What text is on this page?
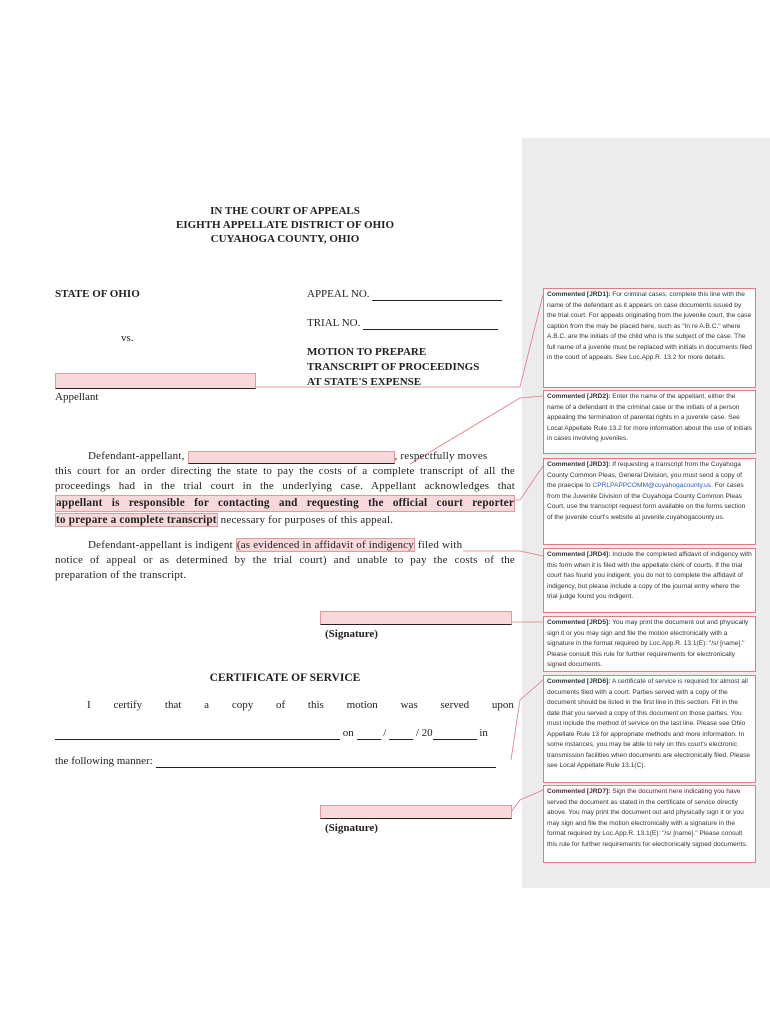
IN THE COURT OF APPEALS
EIGHTH APPELLATE DISTRICT OF OHIO
CUYAHOGA COUNTY, OHIO
STATE OF OHIO
vs.
APPEAL NO.
TRIAL NO.
MOTION TO PREPARE
TRANSCRIPT OF PROCEEDINGS
AT STATE'S EXPENSE
Appellant
Defendant-appellant,	, respectfully moves
this court for an order directing the state to pay the costs of a complete transcript of all the
proceedings had in the trial court in the underlying case. Appellant acknowledges that
appellant is responsible for contacting and requesting the official court reporter
to prepare a complete transcript necessary for purposes of this appeal.
Defendant-appellant is indigent (as evidenced in affidavit of indigency filed with
notice of appeal or as determined by the trial court) and unable to pay the costs of the
preparation of the transcript.
(Signature)
CERTIFICATE OF SERVICE
I certify that a copy of this motion was served upon
on	/	/ 20	in
the following manner:
(Signature)
Commented [JRD1]: For criminal cases, complete this line with the name of the defendant as it appears on case documents issued by the trial court. For appeals originating from the juvenile court, the case caption from the may be placed here, such as "In re A.B.C." where A.B.C. are the initials of the child who is the subject of the case. The full name of a juvenile must be replaced with initials in documents filed in the court of appeals. See Loc.App.R. 13.2 for more details.
Commented [JRD2]: Enter the name of the appellant, either the name of a defendant in the criminal case or the initials of a person appealing the termination of parental rights in a juvenile case. See Local Appellate Rule 13.2 for more information about the use of initials in cases involving juveniles.
Commented [JRD3]: If requesting a transcript from the Cuyahoga County Common Pleas, General Division, you must send a copy of the praecipe to CPRLPAPPCOMM@cuyahogacounty.us. For cases from the Juvenile Division of the Cuyahoga County Common Pleas Court, use the transcript request form available on the forms section of the juvenile court's website at juvenile.cuyahogacounty.us.
Commented [JRD4]: Include the completed affidavit of indigency with this form when it is filed with the appellate clerk of courts. If the trial court has found you indigent, you do not to complete the affidavit of indigency, but please include a copy of the journal entry where the trial judge found you indigent.
Commented [JRD5]: You may print the document out and physically sign it or you may sign and file the motion electronically with a signature in the format required by Loc.App.R. 13.1(E): "/s/ [name]." Please consult this rule for further requirements for electronically signed documents.
Commented [JRD6]: A certificate of service is required for almost all documents filed with a court. Parties served with a copy of the document should be listed in the first line in this section. Fill in the date that you served a copy of this document on those parties. You must include the method of service on the last line. Please see Ohio Appellate Rule 13 for appropriate methods and more information. In some instances, you may be able to rely on this court's electronic transmission facilities when documents are electronically filed. Please see Local Appellate Rule 13.1(C).
Commented [JRD7]: Sign the document here indicating you have served the document as stated in the certificate of service directly above. You may print the document out and physically sign it or you may sign and file the motion electronically with a signature in the format required by Loc.App.R. 13.1(E): "/s/ [name]." Please consult this rule for further requirements for electronically signed documents.
